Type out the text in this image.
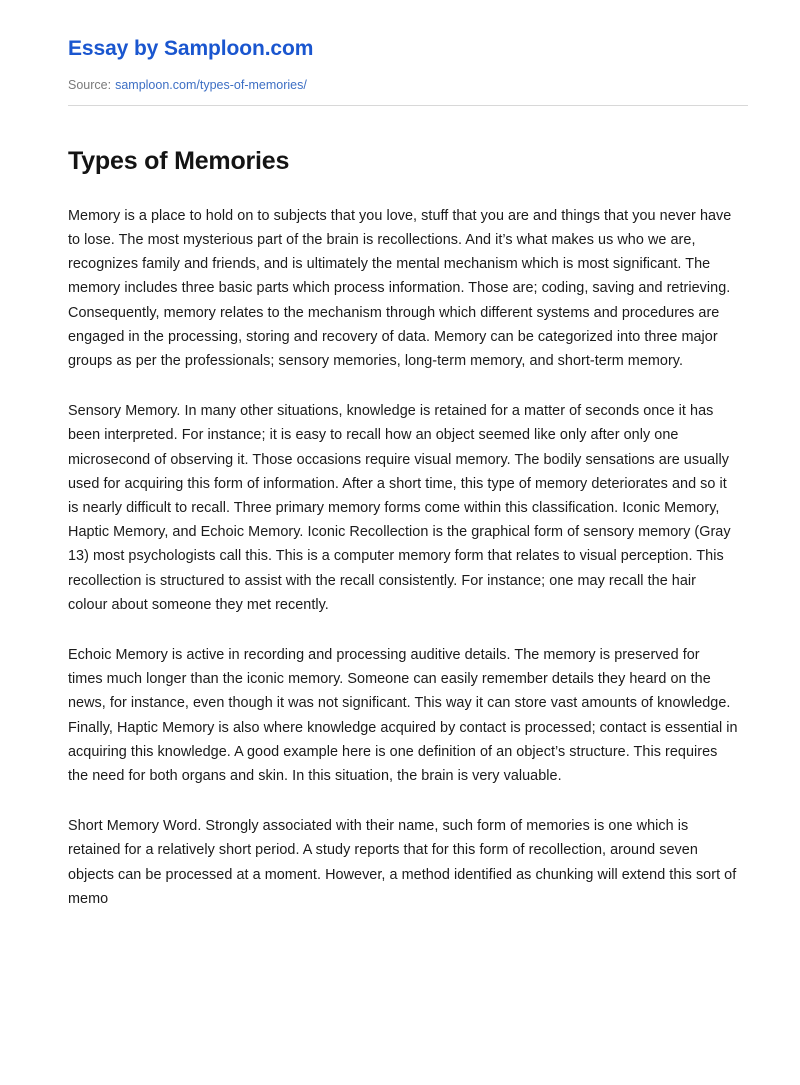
Essay by Samploon.com
Source: samploon.com/types-of-memories/
Types of Memories

Memory is a place to hold on to subjects that you love, stuff that you are and things that you never have to lose. The most mysterious part of the brain is recollections. And it’s what makes us who we are, recognizes family and friends, and is ultimately the mental mechanism which is most significant. The memory includes three basic parts which process information. Those are; coding, saving and retrieving. Consequently, memory relates to the mechanism through which different systems and procedures are engaged in the processing, storing and recovery of data. Memory can be categorized into three major groups as per the professionals; sensory memories, long-term memory, and short-term memory.

Sensory Memory. In many other situations, knowledge is retained for a matter of seconds once it has been interpreted. For instance; it is easy to recall how an object seemed like only after only one microsecond of observing it. Those occasions require visual memory. The bodily sensations are usually used for acquiring this form of information. After a short time, this type of memory deteriorates and so it is nearly difficult to recall. Three primary memory forms come within this classification. Iconic Memory, Haptic Memory, and Echoic Memory. Iconic Recollection is the graphical form of sensory memory (Gray 13) most psychologists call this. This is a computer memory form that relates to visual perception. This recollection is structured to assist with the recall consistently. For instance; one may recall the hair colour about someone they met recently.

Echoic Memory is active in recording and processing auditive details. The memory is preserved for times much longer than the iconic memory. Someone can easily remember details they heard on the news, for instance, even though it was not significant. This way it can store vast amounts of knowledge. Finally, Haptic Memory is also where knowledge acquired by contact is processed; contact is essential in acquiring this knowledge. A good example here is one definition of an object’s structure. This requires the need for both organs and skin. In this situation, the brain is very valuable.

Short Memory Word. Strongly associated with their name, such form of memories is one which is retained for a relatively short period. A study reports that for this form of recollection, around seven objects can be processed at a moment. However, a method identified as chunking will extend this sort of memo
